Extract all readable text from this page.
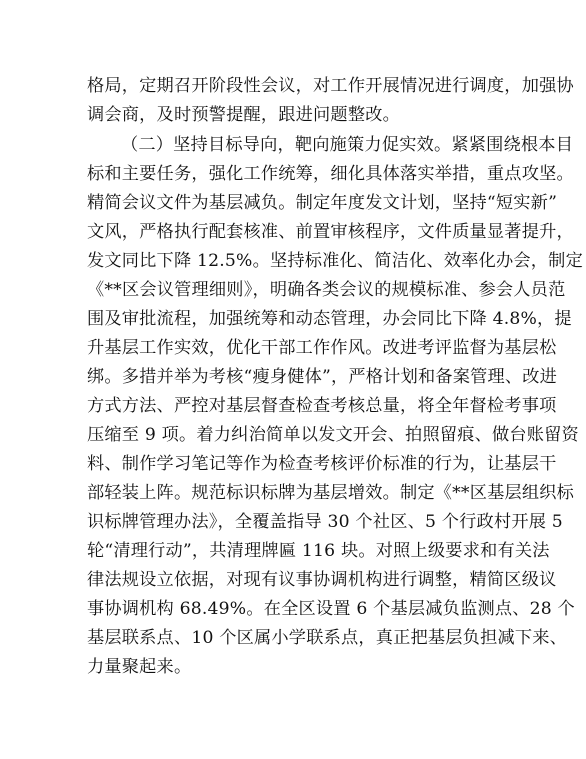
格局，定期召开阶段性会议，对工作开展情况进行调度，加强协
调会商，及时预警提醒，跟进问题整改。
（二）坚持目标导向，靶向施策力促实效。紧紧围绕根本目
标和主要任务，强化工作统筹，细化具体落实举措，重点攻坚。
精简会议文件为基层减负。制定年度发文计划，坚持“短实新”
文风，严格执行配套核准、前置审核程序，文件质量显著提升，
发文同比下降 12.5%。坚持标准化、简洁化、效率化办会，制定
《**区会议管理细则》，明确各类会议的规模标准、参会人员范
围及审批流程，加强统筹和动态管理，办会同比下降 4.8%，提
升基层工作实效，优化干部工作作风。改进考评监督为基层松
绑。多措并举为考核“瘦身健体”，严格计划和备案管理、改进
方式方法、严控对基层督查检查考核总量，将全年督检考事项
压缩至 9 项。着力纠治简单以发文开会、拍照留痕、做台账留资
料、制作学习笔记等作为检查考核评价标准的行为，让基层干
部轻装上阵。规范标识标牌为基层增效。制定《**区基层组织标
识标牌管理办法》，全覆盖指导 30 个社区、5 个行政村开展 5
轮“清理行动”，共清理牌匾 116 块。对照上级要求和有关法
律法规设立依据，对现有议事协调机构进行调整，精简区级议
事协调机构 68.49%。在全区设置 6 个基层减负监测点、28 个
基层联系点、10 个区属小学联系点，真正把基层负担减下来、
力量聚起来。
